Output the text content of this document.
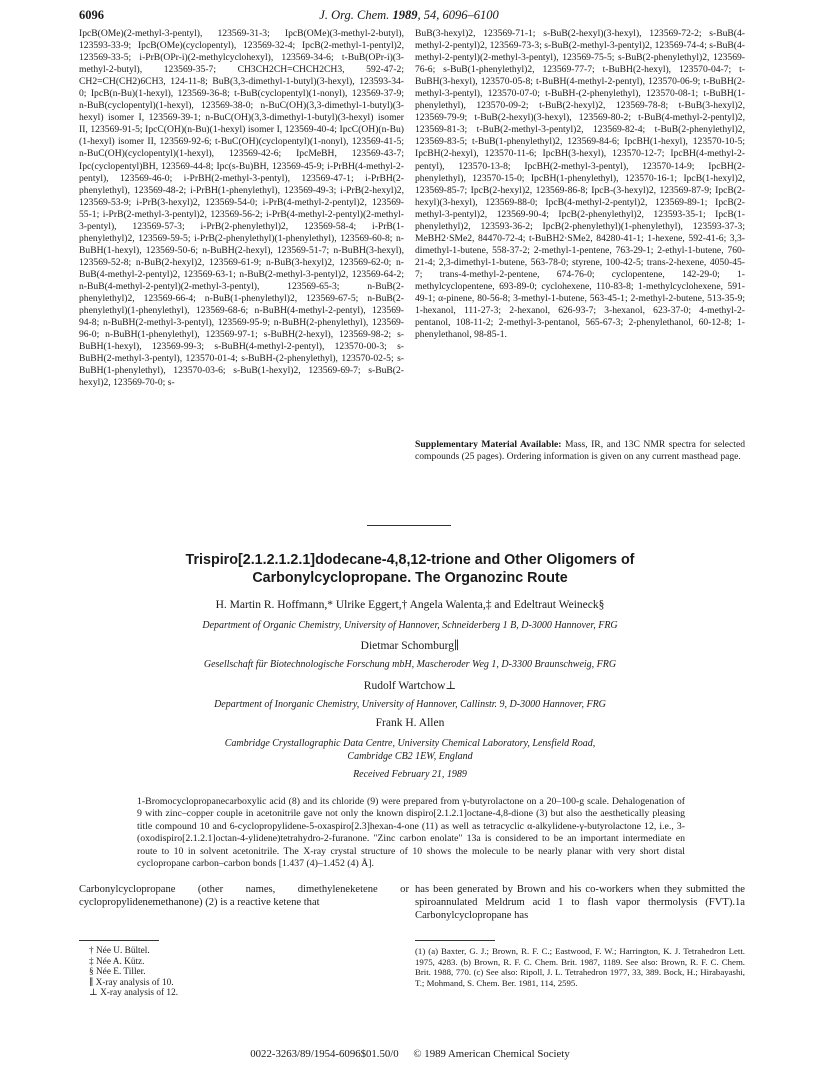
6096	J. Org. Chem. 1989, 54, 6096–6100
IpcB(OMe)(2-methyl-3-pentyl), 123569-31-3; IpcB(OMe)(3-methyl-2-butyl), 123593-33-9; IpcB(OMe)(cyclopentyl), 123569-32-4; IpcB(2-methyl-1-pentyl)2, 123569-33-5; i-PrB(OPr-i)(2-methylcyclohexyl), 123569-34-6; t-BuB(OPr-i)(3-methyl-2-butyl), 123569-35-7; CH3CH2CH=CHCH2CH3, 592-47-2; CH2=CH(CH2)6CH3, 124-11-8; BuB(3,3-dimethyl-1-butyl)(3-hexyl), 123593-34-0; IpcB(n-Bu)(1-hexyl), 123569-36-8; t-BuB(cyclopentyl)(1-nonyl), 123569-37-9; n-BuB(cyclopentyl)(1-hexyl), 123569-38-0; n-BuC(OH)(3,3-dimethyl-1-butyl)(3-hexyl) isomer I, 123569-39-1; n-BuC(OH)(3,3-dimethyl-1-butyl)(3-hexyl) isomer II, 123569-91-5; IpcC(OH)(n-Bu)(1-hexyl) isomer I, 123569-40-4; IpcC(OH)(n-Bu)(1-hexyl) isomer II, 123569-92-6; t-BuC(OH)(cyclopentyl)(1-nonyl), 123569-41-5; n-BuC(OH)(cyclopentyl)(1-hexyl), 123569-42-6; IpcMeBH, 123569-43-7; Ipc(cyclopentyl)BH, 123569-44-8; Ipc(s-Bu)BH, 123569-45-9; i-PrBH(4-methyl-2-pentyl), 123569-46-0; i-PrBH(2-methyl-3-pentyl), 123569-47-1; i-PrBH(2-phenylethyl), 123569-48-2; i-PrBH(1-phenylethyl), 123569-49-3; i-PrB(2-hexyl)2, 123569-53-9; i-PrB(3-hexyl)2, 123569-54-0; i-PrB(4-methyl-2-pentyl)2, 123569-55-1; i-PrB(2-methyl-3-pentyl)2, 123569-56-2; i-PrB(4-methyl-2-pentyl)(2-methyl-3-pentyl), 123569-57-3; i-PrB(2-phenylethyl)2, 123569-58-4; i-PrB(1-phenylethyl)2, 123569-59-5; i-PrB(2-phenylethyl)(1-phenylethyl), 123569-60-8; n-BuBH(1-hexyl), 123569-50-6; n-BuBH(2-hexyl), 123569-51-7; n-BuBH(3-hexyl), 123569-52-8; n-BuB(2-hexyl)2, 123569-61-9; n-BuB(3-hexyl)2, 123569-62-0; n-BuB(4-methyl-2-pentyl)2, 123569-63-1; n-BuB(2-methyl-3-pentyl)2, 123569-64-2; n-BuB(4-methyl-2-pentyl)(2-methyl-3-pentyl), 123569-65-3; n-BuB(2-phenylethyl)2, 123569-66-4; n-BuB(1-phenylethyl)2, 123569-67-5; n-BuB(2-phenylethyl)(1-phenylethyl), 123569-68-6; n-BuBH(4-methyl-2-pentyl), 123569-94-8; n-BuBH(2-methyl-3-pentyl), 123569-95-9; n-BuBH(2-phenylethyl), 123569-96-0; n-BuBH(1-phenylethyl), 123569-97-1; s-BuBH(2-hexyl), 123569-98-2; s-BuBH(1-hexyl), 123569-99-3; s-BuBH(4-methyl-2-pentyl), 123570-00-3; s-BuBH(2-methyl-3-pentyl), 123570-01-4; s-BuBH-(2-phenylethyl), 123570-02-5; s-BuBH(1-phenylethyl), 123570-03-6; s-BuB(1-hexyl)2, 123569-69-7; s-BuB(2-hexyl)2, 123569-70-0; s-
BuB(3-hexyl)2, 123569-71-1; s-BuB(2-hexyl)(3-hexyl), 123569-72-2; s-BuB(4-methyl-2-pentyl)2, 123569-73-3; s-BuB(2-methyl-3-pentyl)2, 123569-74-4; s-BuB(4-methyl-2-pentyl)(2-methyl-3-pentyl), 123569-75-5; s-BuB(2-phenylethyl)2, 123569-76-6; s-BuB(1-phenylethyl)2, 123569-77-7; t-BuBH(2-hexyl), 123570-04-7; t-BuBH(3-hexyl), 123570-05-8; t-BuBH(4-methyl-2-pentyl), 123570-06-9; t-BuBH(2-methyl-3-pentyl), 123570-07-0; t-BuBH-(2-phenylethyl), 123570-08-1; t-BuBH(1-phenylethyl), 123570-09-2; t-BuB(2-hexyl)2, 123569-78-8; t-BuB(3-hexyl)2, 123569-79-9; t-BuB(2-hexyl)(3-hexyl), 123569-80-2; t-BuB(4-methyl-2-pentyl)2, 123569-81-3; t-BuB(2-methyl-3-pentyl)2, 123569-82-4; t-BuB(2-phenylethyl)2, 123569-83-5; t-BuB(1-phenylethyl)2, 123569-84-6; IpcBH(1-hexyl), 123570-10-5; IpcBH(2-hexyl), 123570-11-6; IpcBH(3-hexyl), 123570-12-7; IpcBH(4-methyl-2-pentyl), 123570-13-8; IpcBH(2-methyl-3-pentyl), 123570-14-9; IpcBH(2-phenylethyl), 123570-15-0; IpcBH(1-phenylethyl), 123570-16-1; IpcB(1-hexyl)2, 123569-85-7; IpcB(2-hexyl)2, 123569-86-8; IpcB-(3-hexyl)2, 123569-87-9; IpcB(2-hexyl)(3-hexyl), 123569-88-0; IpcB(4-methyl-2-pentyl)2, 123569-89-1; IpcB(2-methyl-3-pentyl)2, 123569-90-4; IpcB(2-phenylethyl)2, 123593-35-1; IpcB(1-phenylethyl)2, 123593-36-2; IpcB(2-phenylethyl)(1-phenylethyl), 123593-37-3; MeBH2·SMe2, 84470-72-4; t-BuBH2·SMe2, 84280-41-1; 1-hexene, 592-41-6; 3,3-dimethyl-1-butene, 558-37-2; 2-methyl-1-pentene, 763-29-1; 2-ethyl-1-butene, 760-21-4; 2,3-dimethyl-1-butene, 563-78-0; styrene, 100-42-5; trans-2-hexene, 4050-45-7; trans-4-methyl-2-pentene, 674-76-0; cyclopentene, 142-29-0; 1-methylcyclopentene, 693-89-0; cyclohexene, 110-83-8; 1-methylcyclohexene, 591-49-1; α-pinene, 80-56-8; 3-methyl-1-butene, 563-45-1; 2-methyl-2-butene, 513-35-9; 1-hexanol, 111-27-3; 2-hexanol, 626-93-7; 3-hexanol, 623-37-0; 4-methyl-2-pentanol, 108-11-2; 2-methyl-3-pentanol, 565-67-3; 2-phenylethanol, 60-12-8; 1-phenylethanol, 98-85-1.
Supplementary Material Available: Mass, IR, and 13C NMR spectra for selected compounds (25 pages). Ordering information is given on any current masthead page.
Trispiro[2.1.2.1.2.1]dodecane-4,8,12-trione and Other Oligomers of
Carbonylcyclopropane. The Organozinc Route
H. Martin R. Hoffmann,* Ulrike Eggert,† Angela Walenta,‡ and Edeltraut Weineck§
Department of Organic Chemistry, University of Hannover, Schneiderberg 1 B, D-3000 Hannover, FRG
Dietmar Schomburg∥
Gesellschaft für Biotechnologische Forschung mbH, Mascheroder Weg 1, D-3300 Braunschweig, FRG
Rudolf Wartchow⊥
Department of Inorganic Chemistry, University of Hannover, Callinstr. 9, D-3000 Hannover, FRG
Frank H. Allen
Cambridge Crystallographic Data Centre, University Chemical Laboratory, Lensfield Road,
Cambridge CB2 1EW, England
Received February 21, 1989
1-Bromocyclopropanecarboxylic acid (8) and its chloride (9) were prepared from γ-butyrolactone on a 20–100-g scale. Dehalogenation of 9 with zinc–copper couple in acetonitrile gave not only the known dispiro[2.1.2.1]octane-4,8-dione (3) but also the aesthetically pleasing title compound 10 and 6-cyclopropylidene-5-oxaspiro[2.3]hexan-4-one (11) as well as tetracyclic α-alkylidene-γ-butyrolactone 12, i.e., 3-(oxodispiro[2.1.2.1]octan-4-ylidene)tetrahydro-2-furanone. "Zinc carbon enolate" 13a is considered to be an important intermediate en route to 10 in solvent acetonitrile. The X-ray crystal structure of 10 shows the molecule to be nearly planar with very short distal cyclopropane carbon–carbon bonds [1.437 (4)–1.452 (4) Å].
Carbonylcyclopropane (other names, dimethyleneketene or cyclopropylidenemethanone) (2) is a reactive ketene that
has been generated by Brown and his co-workers when they submitted the spiroannulated Meldrum acid 1 to flash vapor thermolysis (FVT).1a Carbonylcyclopropane has
† Née U. Bültel.
‡ Née A. Kütz.
§ Née E. Tiller.
∥ X-ray analysis of 10.
⊥ X-ray analysis of 12.
(1) (a) Baxter, G. J.; Brown, R. F. C.; Eastwood, F. W.; Harrington, K. J. Tetrahedron Lett. 1975, 4283. (b) Brown, R. F. C. Chem. Brit. 1987, 1189. See also: Brown, R. F. C. Chem. Brit. 1988, 770. (c) See also: Ripoll, J. L. Tetrahedron 1977, 33, 389. Bock, H.; Hirabayashi, T.; Mohmand, S. Chem. Ber. 1981, 114, 2595.
0022-3263/89/1954-6096$01.50/0 © 1989 American Chemical Society
